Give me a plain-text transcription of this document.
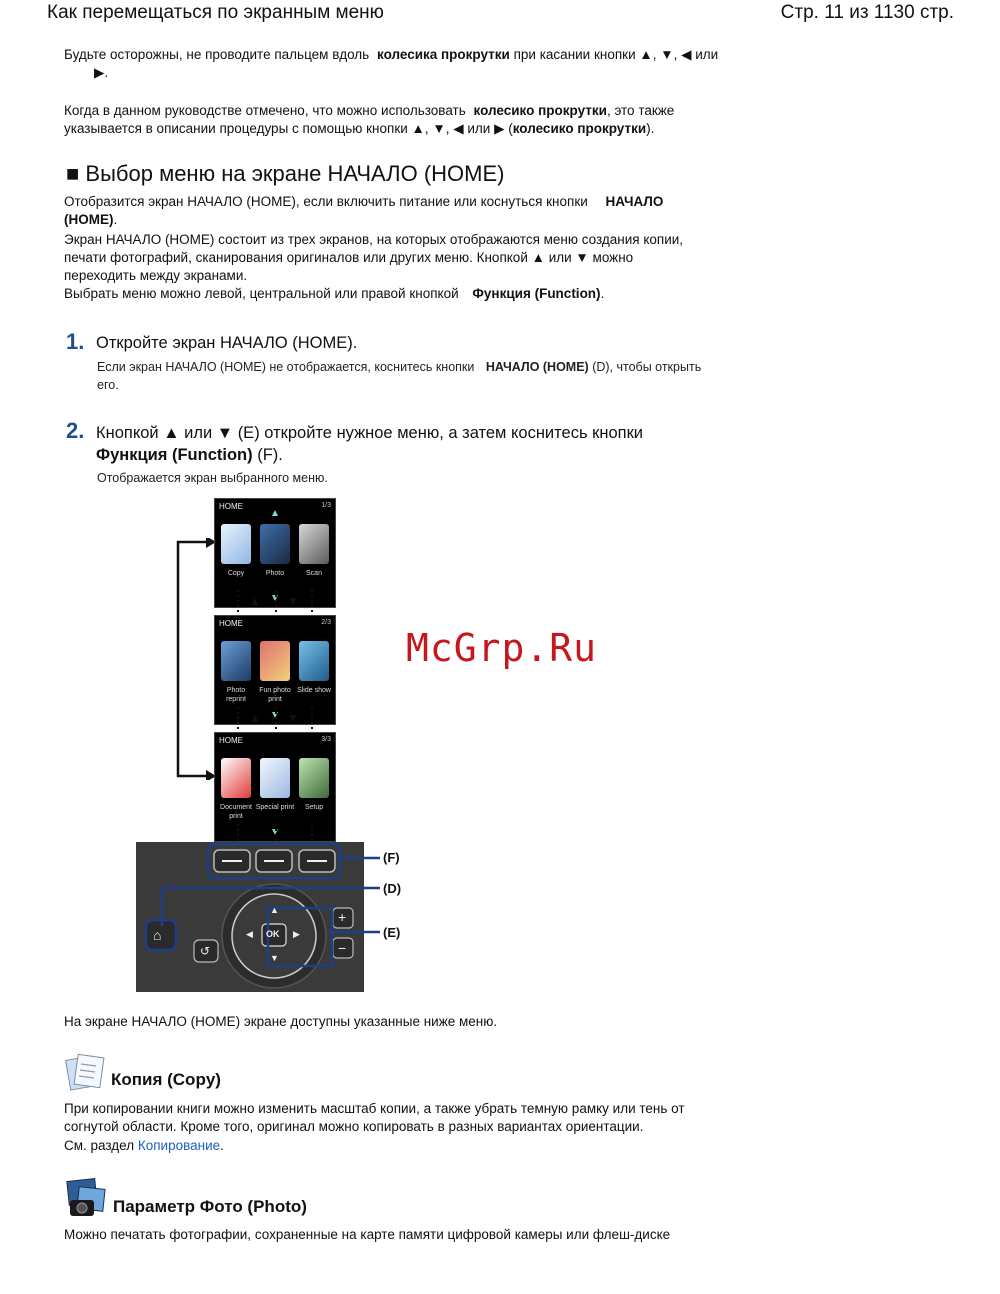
Как перемещаться по экранным меню	Стр. 11 из 1130 стр.
Будьте осторожны, не проводите пальцем вдоль колесика прокрутки при касании кнопки ▲, ▼, ◀ или
▶.
Когда в данном руководстве отмечено, что можно использовать колесико прокрутки, это также
указывается в описании процедуры с помощью кнопки ▲, ▼, ◀ или ▶ (колесико прокрутки).
■ Выбор меню на экране НАЧАЛО (HOME)
Отобразится экран НАЧАЛО (HOME), если включить питание или коснуться кнопки НАЧАЛО
(HOME).
Экран НАЧАЛО (HOME) состоит из трех экранов, на которых отображаются меню создания копии,
печати фотографий, сканирования оригиналов или других меню. Кнопкой ▲ или ▼ можно
переходить между экранами.
Выбрать меню можно левой, центральной или правой кнопкой Функция (Function).
1. Откройте экран НАЧАЛО (HOME).
Если экран НАЧАЛО (HOME) не отображается, коснитесь кнопки НАЧАЛО (HOME) (D), чтобы открыть
его.
2. Кнопкой ▲ или ▼ (E) откройте нужное меню, а затем коснитесь кнопки
Функция (Function) (F).
Отображается экран выбранного меню.
HOME	1/3
Copy	Photo	Scan
▲ ▼
HOME	2/3
Photo reprint
Fun photo print
Slide show
▲ ▼
HOME	3/3
Document print
Special print	Setup
⌂
↺
OK
▲
▼
◀	▶
+
−
(F)
(D)
(E)
McGrp.Ru
На экране НАЧАЛО (HOME) экране доступны указанные ниже меню.
Копия (Copy)
При копировании книги можно изменить масштаб копии, а также убрать темную рамку или тень от
согнутой области. Кроме того, оригинал можно копировать в разных вариантах ориентации.
См. раздел Копирование.
Параметр Фото (Photo)
Можно печатать фотографии, сохраненные на карте памяти цифровой камеры или флеш-диске
